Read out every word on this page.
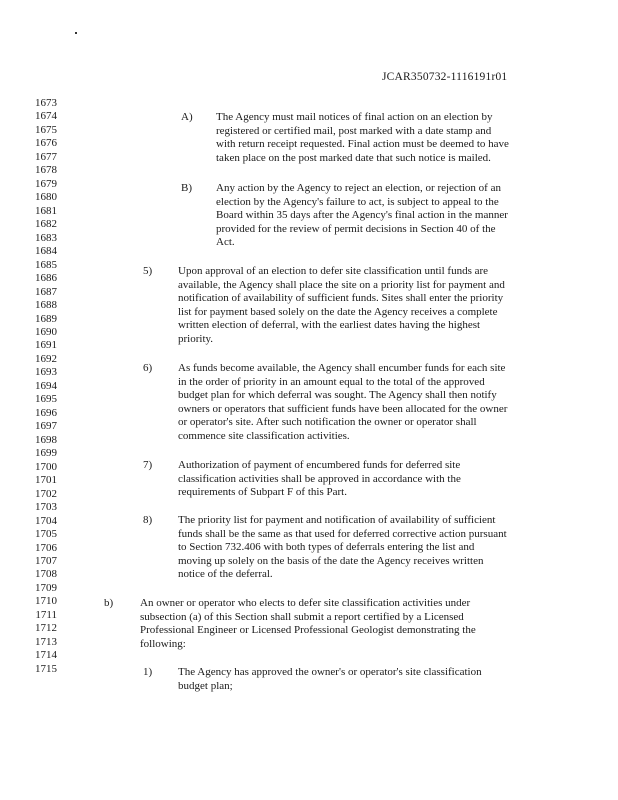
JCAR350732-1116191r01
1673
1674
1675
1676
1677
1678
1679
1680
1681
1682
1683
1684
1685
1686
1687
1688
1689
1690
1691
1692
1693
1694
1695
1696
1697
1698
1699
1700
1701
1702
1703
1704
1705
1706
1707
1708
1709
1710
1711
1712
1713
1714
1715
A) The Agency must mail notices of final action on an election by
registered or certified mail, post marked with a date stamp and
with return receipt requested. Final action must be deemed to have
taken place on the post marked date that such notice is mailed.
B) Any action by the Agency to reject an election, or rejection of an
election by the Agency's failure to act, is subject to appeal to the
Board within 35 days after the Agency's final action in the manner
provided for the review of permit decisions in Section 40 of the
Act.
5) Upon approval of an election to defer site classification until funds are
available, the Agency shall place the site on a priority list for payment and
notification of availability of sufficient funds. Sites shall enter the priority
list for payment based solely on the date the Agency receives a complete
written election of deferral, with the earliest dates having the highest
priority.
6) As funds become available, the Agency shall encumber funds for each site
in the order of priority in an amount equal to the total of the approved
budget plan for which deferral was sought. The Agency shall then notify
owners or operators that sufficient funds have been allocated for the owner
or operator's site. After such notification the owner or operator shall
commence site classification activities.
7) Authorization of payment of encumbered funds for deferred site
classification activities shall be approved in accordance with the
requirements of Subpart F of this Part.
8) The priority list for payment and notification of availability of sufficient
funds shall be the same as that used for deferred corrective action pursuant
to Section 732.406 with both types of deferrals entering the list and
moving up solely on the basis of the date the Agency receives written
notice of the deferral.
b) An owner or operator who elects to defer site classification activities under
subsection (a) of this Section shall submit a report certified by a Licensed
Professional Engineer or Licensed Professional Geologist demonstrating the
following:
1) The Agency has approved the owner's or operator's site classification
budget plan;
